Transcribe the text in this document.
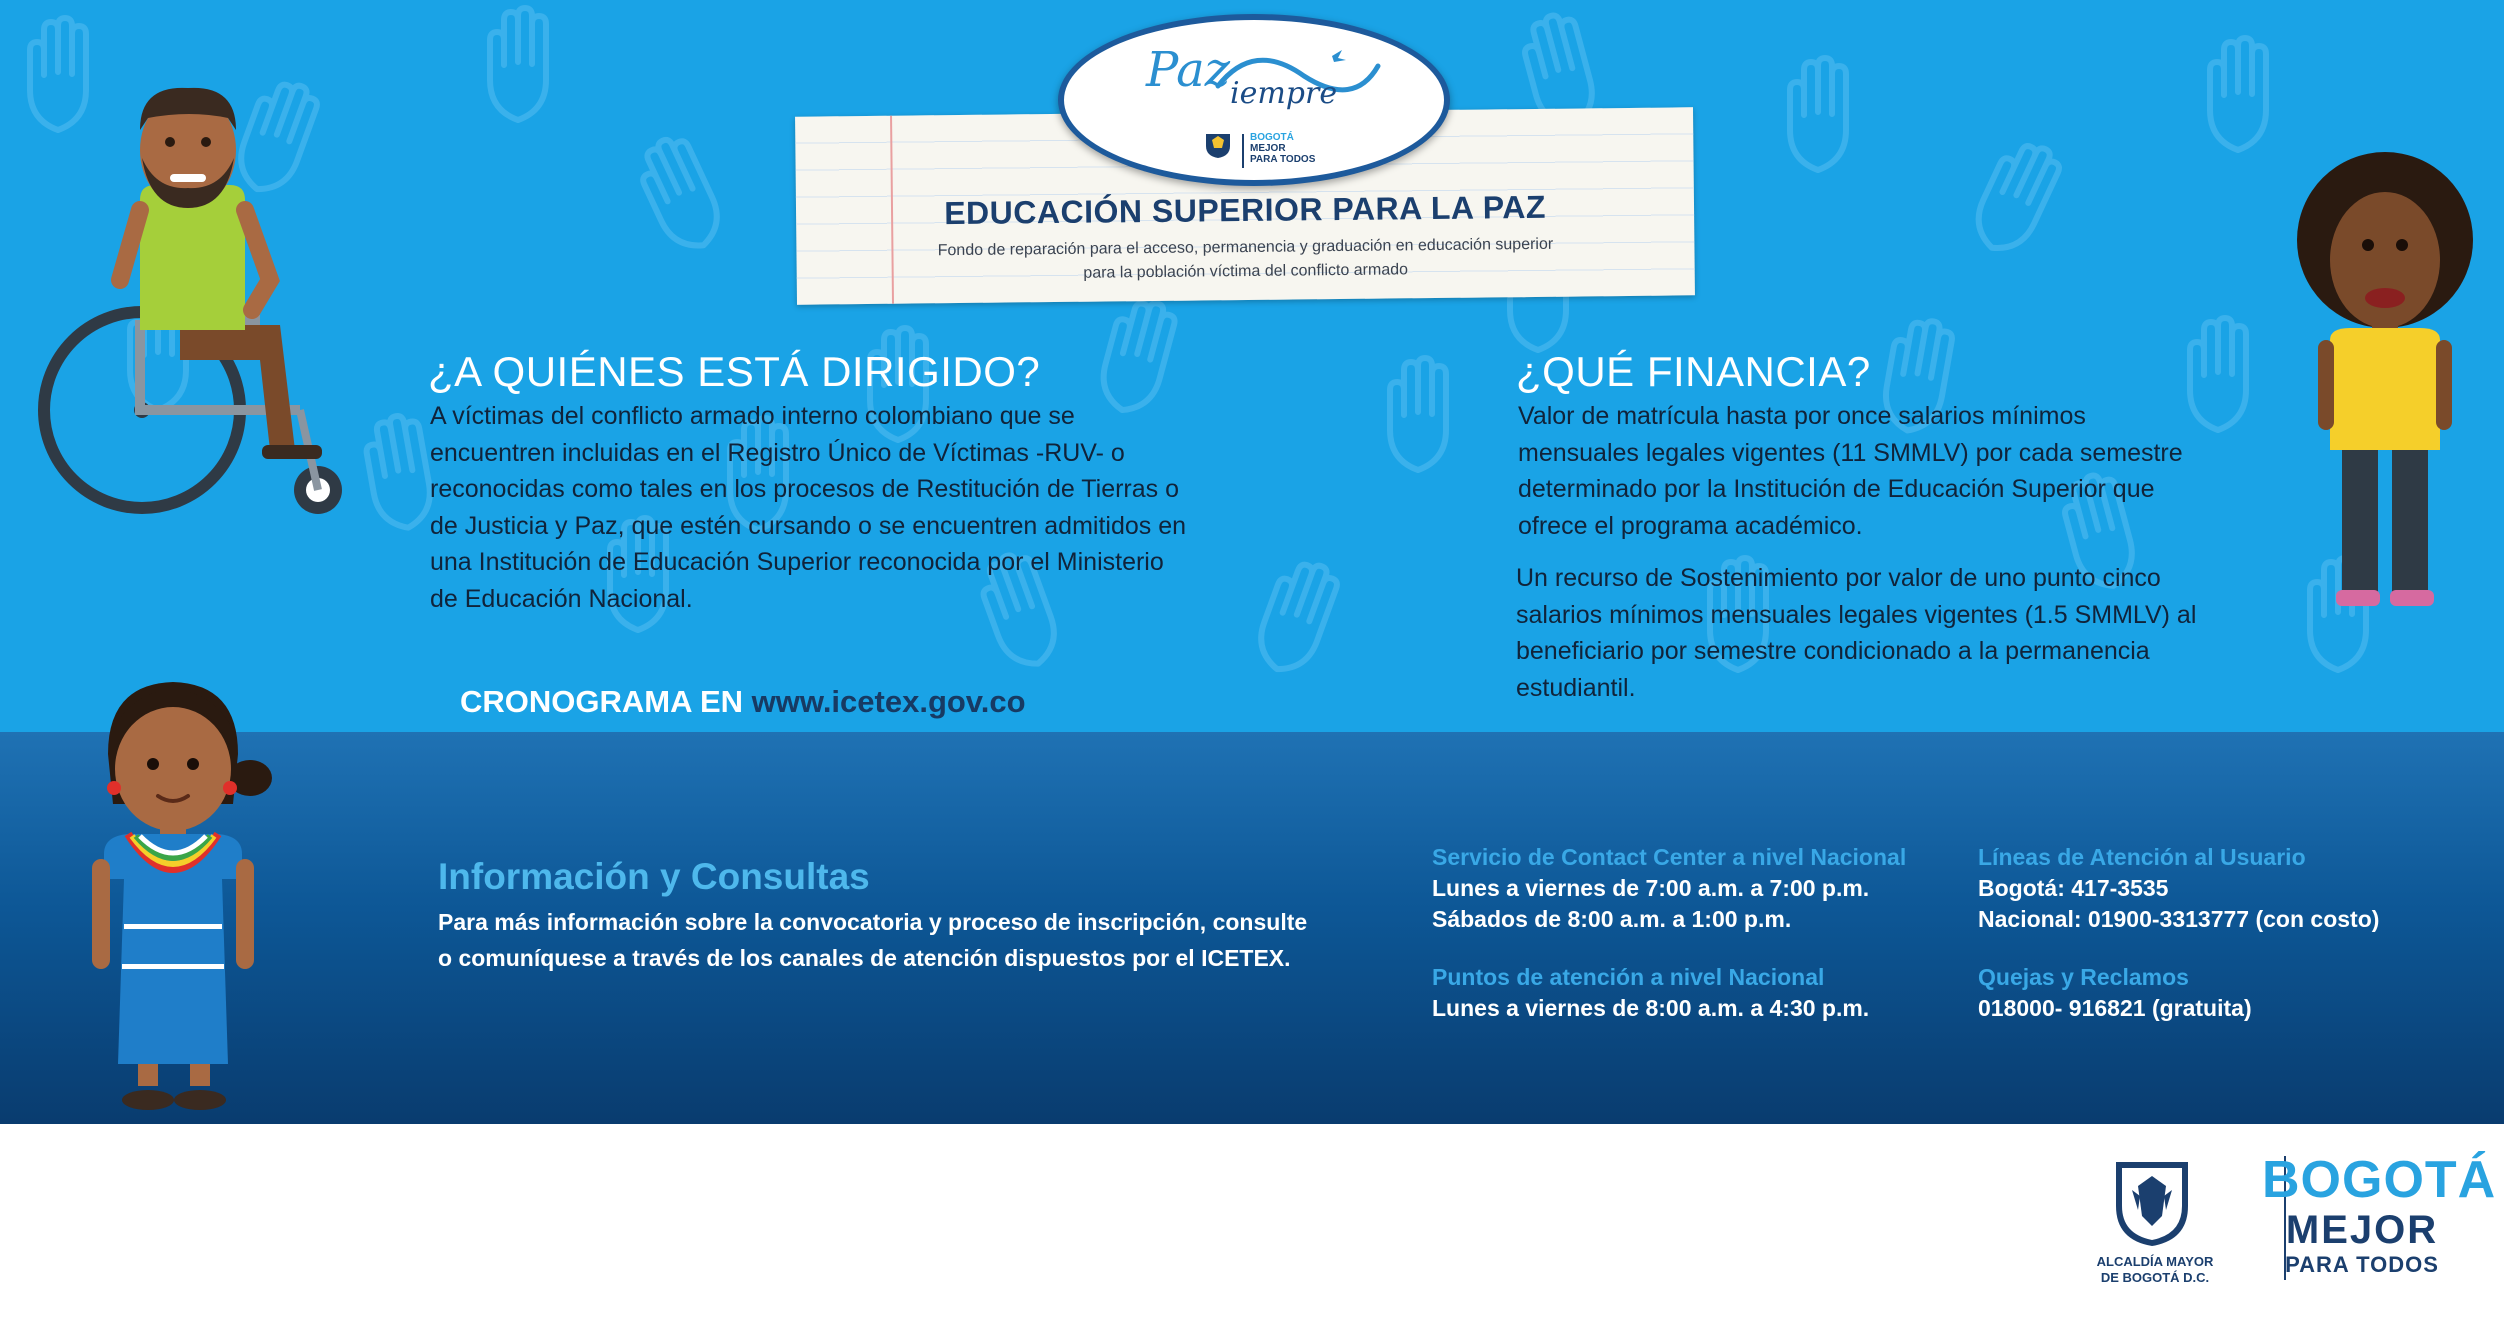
EDUCACIÓN SUPERIOR PARA LA PAZ
Fondo de reparación para el acceso, permanencia y graduación en educación superior
para la población víctima del conflicto armado
Paz iempre
BOGOTÁ
MEJOR
PARA TODOS
¿A QUIÉNES ESTÁ DIRIGIDO?
A víctimas del conflicto armado interno colombiano que se
encuentren incluidas en el Registro Único de Víctimas -RUV- o
reconocidas como tales en los procesos de Restitución de Tierras o
de Justicia y Paz, que estén cursando o se encuentren admitidos en
una Institución de Educación Superior reconocida por el Ministerio
de Educación Nacional.
¿QUÉ FINANCIA?
Valor de matrícula hasta por once salarios mínimos
mensuales legales vigentes (11 SMMLV) por cada semestre
determinado por la Institución de Educación Superior que
ofrece el programa académico.
Un recurso de Sostenimiento por valor de uno punto cinco
salarios mínimos mensuales legales vigentes (1.5 SMMLV) al
beneficiario por semestre condicionado a la permanencia
estudiantil.
CRONOGRAMA EN www.icetex.gov.co
Información y Consultas
Para más información sobre la convocatoria y proceso de inscripción, consulte
o comuníquese a través de los canales de atención dispuestos por el ICETEX.
Servicio de Contact Center a nivel Nacional
Lunes a viernes de 7:00 a.m. a 7:00 p.m.
Sábados de 8:00 a.m. a 1:00 p.m.
Puntos de atención a nivel Nacional
Lunes a viernes de 8:00 a.m. a 4:30 p.m.
Líneas de Atención al Usuario
Bogotá: 417-3535
Nacional: 01900-3313777 (con costo)
Quejas y Reclamos
018000- 916821 (gratuita)
ALCALDÍA MAYOR
DE BOGOTÁ D.C.
BOGOTÁ
MEJOR
PARA TODOS
